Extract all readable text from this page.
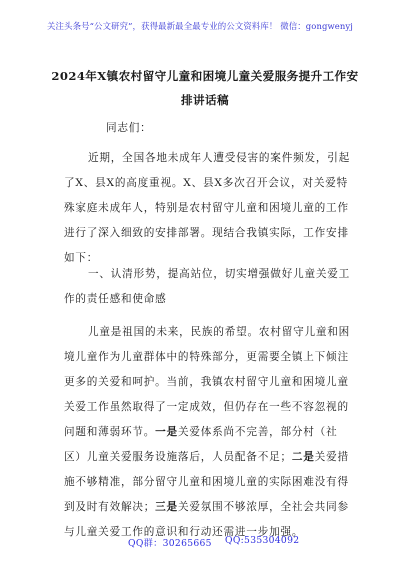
关注头条号“公文研究”，获得最新最全最专业的公文资料库！ 微信：gongwenyj
2024年X镇农村留守儿童和困境儿童关爱服务提升工作安
排讲话稿
同志们：
近期，全国各地未成年人遭受侵害的案件频发，引起
了X、县X的高度重视。X、县X多次召开会议，对关爱特
殊家庭未成年人，特别是农村留守儿童和困境儿童的工作
进行了深入细致的安排部署。现结合我镇实际，工作安排
如下：
一、认清形势，提高站位，切实增强做好儿童关爱工
作的责任感和使命感
儿童是祖国的未来，民族的希望。农村留守儿童和困
境儿童作为儿童群体中的特殊部分，更需要全镇上下倾注
更多的关爱和呵护。当前，我镇农村留守儿童和困境儿童
关爱工作虽然取得了一定成效，但仍存在一些不容忽视的
问题和薄弱环节。一是关爱体系尚不完善，部分村（社
区）儿童关爱服务设施落后，人员配备不足；二是关爱措
施不够精准，部分留守儿童和困境儿童的实际困难没有得
到及时有效解决；三是关爱氛围不够浓厚，全社会共同参
与儿童关爱工作的意识和行动还需进一步加强。
QQ群：30265665 QQ:535304092
